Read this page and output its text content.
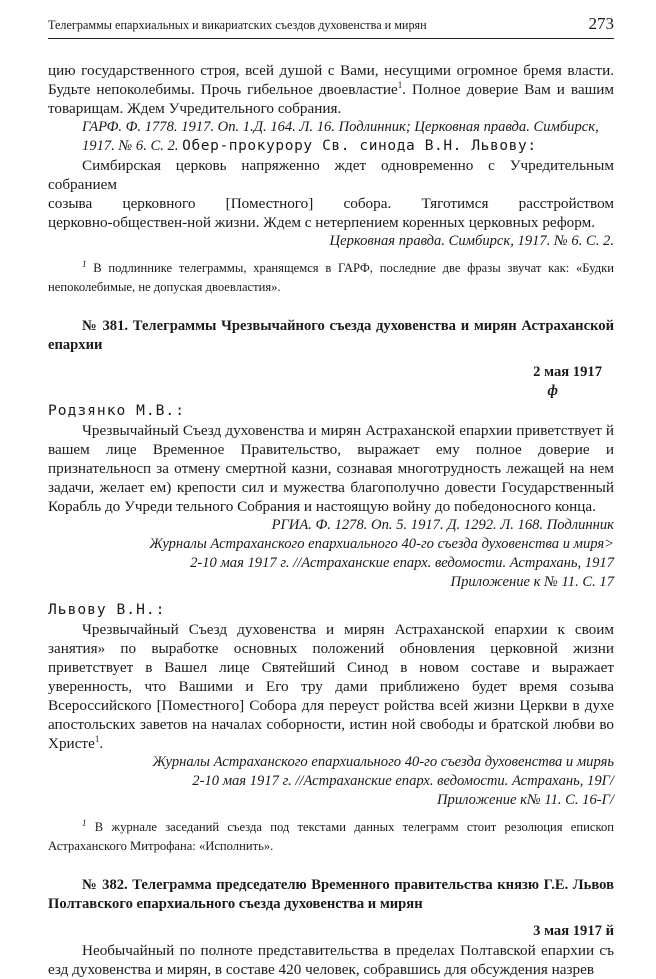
Телеграммы епархиальных и викариатских съездов духовенства и мирян	273

цию государственного строя, всей душой с Вами, несущими огромное бремя власти. Будьте непоколебимы. Прочь гибельное двоевластие$^1$. Полное доверие Вам и вашим товарищам. Ждем Учредительного собрания.

ГАРФ. Ф. 1778. 1917. Оп. 1.Д. 164. Л. 16. Подлинник; Церковная правда. Симбирск,

1917. № 6. С. 2. Обер-прокурору Св. синода В.Н. Львову:

Симбирская церковь напряженно ждет одновременно с Учредительным собранием

созыва церковного [Поместного] собора. Тяготимся расстройством

церковно-обществен-ной жизни. Ждем с нетерпением коренных церковных реформ.

Церковная правда. Симбирск, 1917. № 6. С. 2.

$^1$ В подлиннике телеграммы, хранящемся в ГАРФ, последние две фразы звучат как: «Будки непоколебимые, не допуская двоевластия».

№ 381. Телеграммы Чрезвычайного съезда духовенства и мирян Астраханской епархии

2 мая 1917

ф

Родзянко М.В.:

Чрезвычайный Съезд духовенства и мирян Астраханской епархии приветствует й вашем лице Временное Правительство, выражает ему полное доверие и признательносп за отмену смертной казни, сознавая многотрудность лежащей на нем задачи, желает ем) крепости сил и мужества благополучно довести Государственный Корабль до Учреди тельного Собрания и настоящую войну до победоносного конца.

РГИА. Ф. 1278. Оп. 5. 1917. Д. 1292. Л. 168. Подлинник

Журналы Астраханского епархиального 40-го съезда духовенства и миря>

2-10 мая 1917 г. //Астраханские епарх. ведомости. Астрахань, 1917

Приложение к № 11. С. 17

Львову В.Н.:

Чрезвычайный Съезд духовенства и мирян Астраханской епархии к своим занятия» по выработке основных положений обновления церковной жизни приветствует в Вашел лице Святейший Синод в новом составе и выражает уверенность, что Вашими и Его тру дами приближено будет время созыва Всероссийского [Поместного] Собора для переуст ройства всей жизни Церкви в духе апостольских заветов на началах соборности, истин ной свободы и братской любви во Христе$^1$.

Журналы Астраханского епархиального 40-го съезда духовенства и миряь

2-10 мая 1917 г. //Астраханские епарх. ведомости. Астрахань, 19Г/

Приложение к№ 11. С. 16-Г/

$^1$ В журнале заседаний съезда под текстами данных телеграмм стоит резолюция епископ Астраханского Митрофана: «Исполнить».

№ 382. Телеграмма председателю Временного правительства князю Г.Е. Львов Полтавского епархиального съезда духовенства и мирян

3 мая 1917 й

Необычайный по полноте представительства в пределах Полтавской епархии съ езд духовенства и мирян, в составе 420 человек, собравшись для обсуждения назрев
